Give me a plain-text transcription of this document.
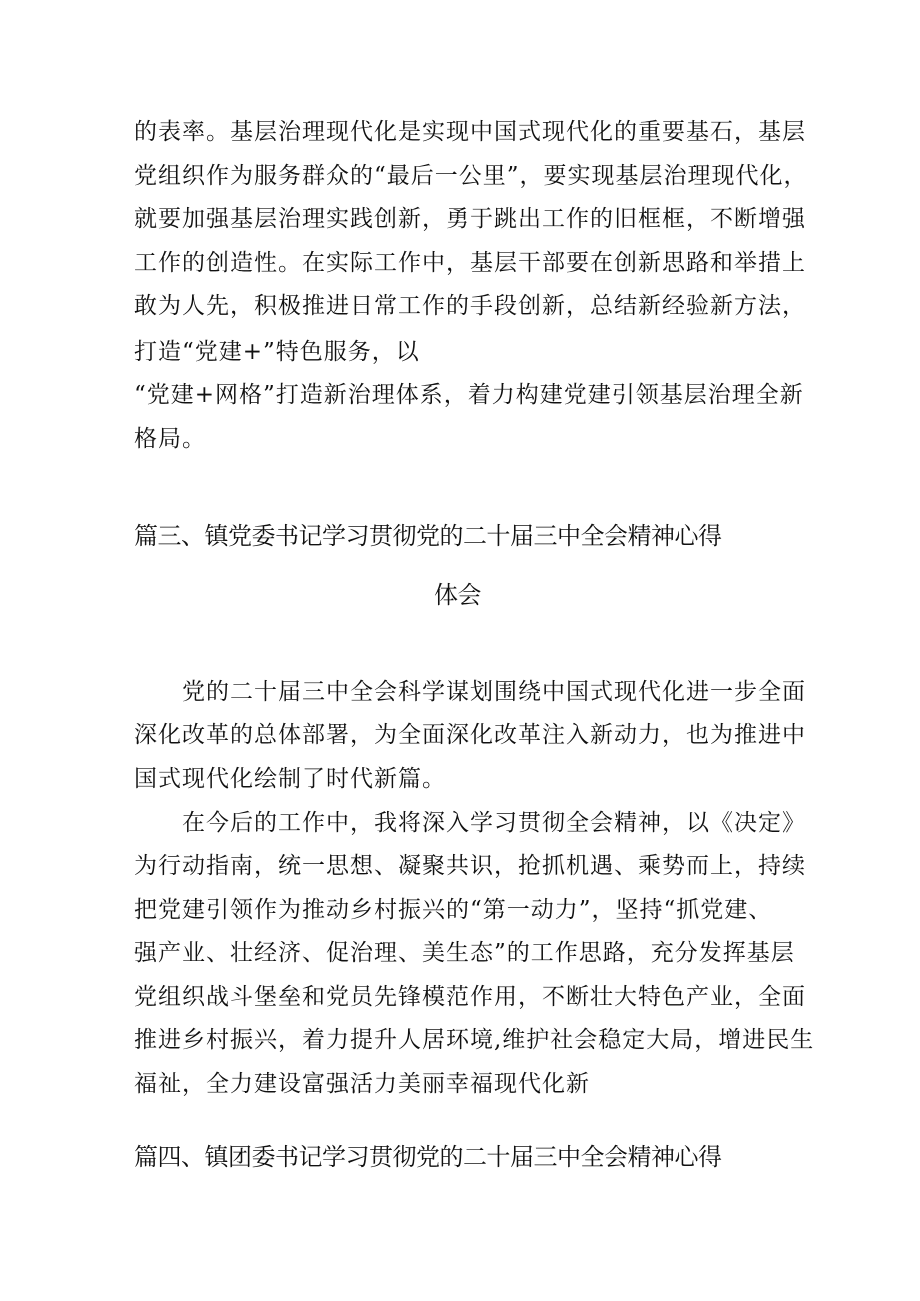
的表率。基层治理现代化是实现中国式现代化的重要基石，基层
党组织作为服务群众的“最后一公里”，要实现基层治理现代化，
就要加强基层治理实践创新，勇于跳出工作的旧框框，不断增强
工作的创造性。在实际工作中，基层干部要在创新思路和举措上
敢为人先，积极推进日常工作的手段创新，总结新经验新方法，
打造“党建+”特色服务，以
“党建+网格”打造新治理体系，着力构建党建引领基层治理全新
格局。
篇三、镇党委书记学习贯彻党的二十届三中全会精神心得
体会
党的二十届三中全会科学谋划围绕中国式现代化进一步全面
深化改革的总体部署，为全面深化改革注入新动力，也为推进中
国式现代化绘制了时代新篇。
在今后的工作中，我将深入学习贯彻全会精神，以《决定》
为行动指南，统一思想、凝聚共识，抢抓机遇、乘势而上，持续
把党建引领作为推动乡村振兴的“第一动力”，坚持“抓党建、
强产业、壮经济、促治理、美生态”的工作思路，充分发挥基层
党组织战斗堡垒和党员先锋模范作用，不断壮大特色产业，全面
推进乡村振兴，着力提升人居环境,维护社会稳定大局，增进民生
福祉，全力建设富强活力美丽幸福现代化新
篇四、镇团委书记学习贯彻党的二十届三中全会精神心得
